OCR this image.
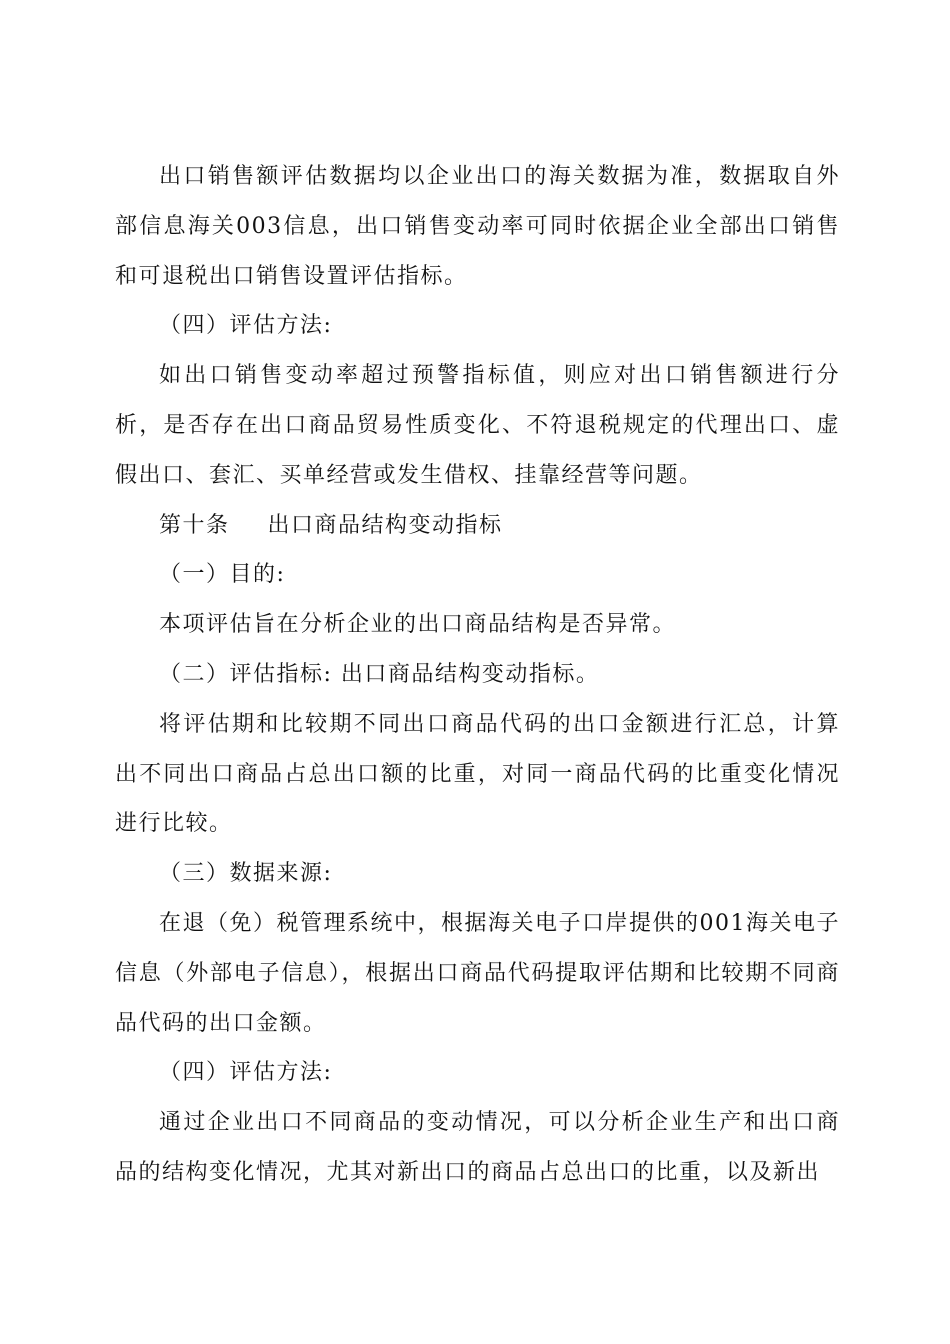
出口销售额评估数据均以企业出口的海关数据为准，数据取自外部信息海关003信息，出口销售变动率可同时依据企业全部出口销售和可退税出口销售设置评估指标。

（四）评估方法:

如出口销售变动率超过预警指标值，则应对出口销售额进行分析，是否存在出口商品贸易性质变化、不符退税规定的代理出口、虚假出口、套汇、买单经营或发生借权、挂靠经营等问题。

第十条 出口商品结构变动指标

（一）目的:

本项评估旨在分析企业的出口商品结构是否异常。

（二）评估指标: 出口商品结构变动指标。

将评估期和比较期不同出口商品代码的出口金额进行汇总，计算出不同出口商品占总出口额的比重，对同一商品代码的比重变化情况进行比较。

（三）数据来源:

在退（免）税管理系统中，根据海关电子口岸提供的001海关电子信息（外部电子信息），根据出口商品代码提取评估期和比较期不同商品代码的出口金额。

（四）评估方法:

通过企业出口不同商品的变动情况，可以分析企业生产和出口商品的结构变化情况，尤其对新出口的商品占总出口的比重，以及新出
